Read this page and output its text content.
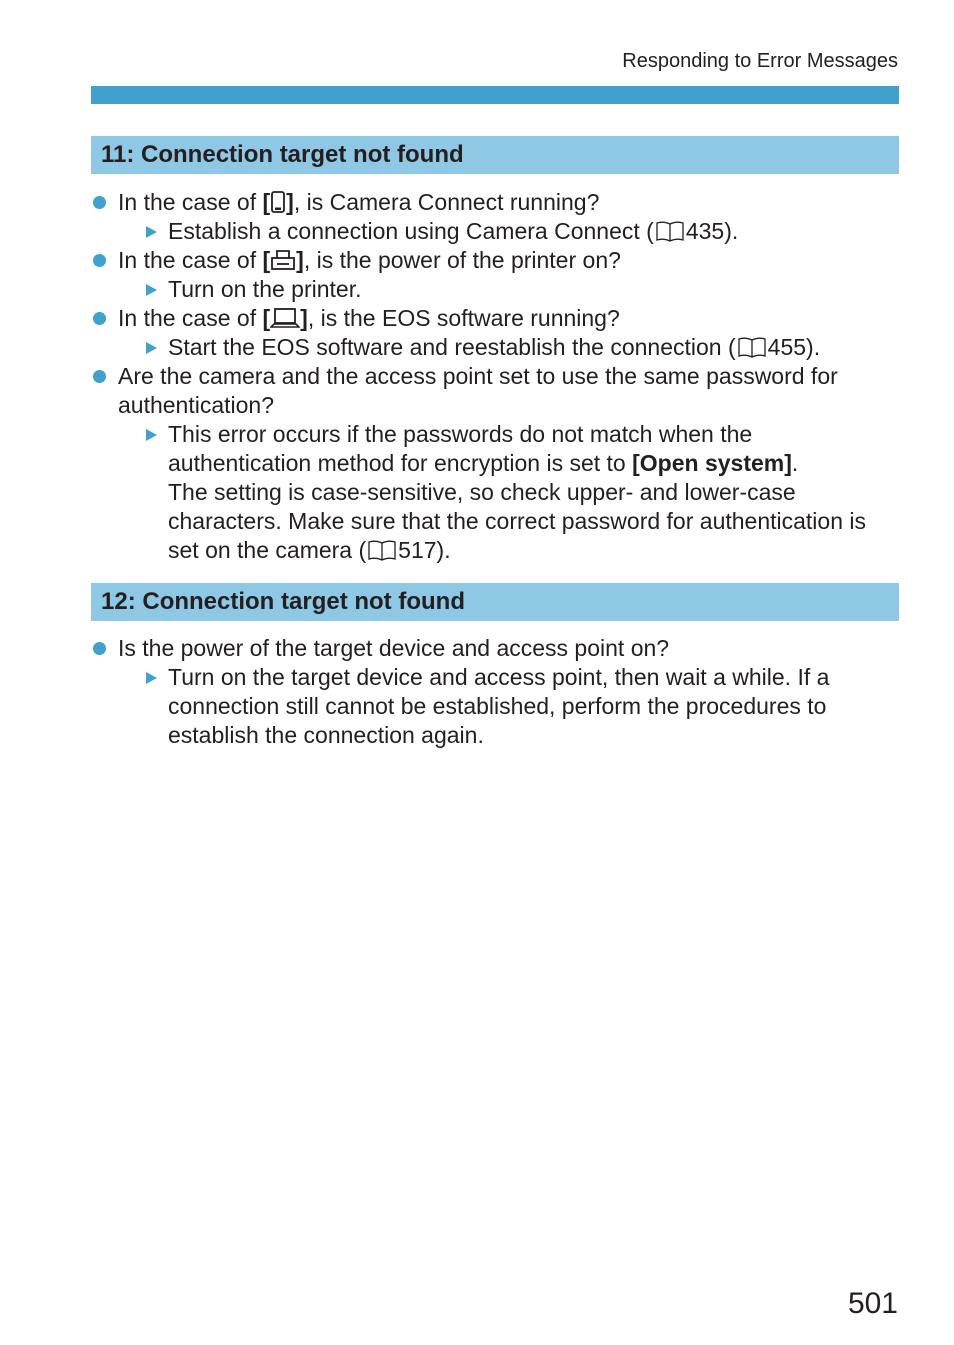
Responding to Error Messages
11: Connection target not found
In the case of [ ], is Camera Connect running?
Establish a connection using Camera Connect ( 435).
In the case of [ ], is the power of the printer on?
Turn on the printer.
In the case of [ ], is the EOS software running?
Start the EOS software and reestablish the connection ( 455).
Are the camera and the access point set to use the same password for authentication?
This error occurs if the passwords do not match when the authentication method for encryption is set to [Open system].
The setting is case-sensitive, so check upper- and lower-case characters. Make sure that the correct password for authentication is set on the camera ( 517).
12: Connection target not found
Is the power of the target device and access point on?
Turn on the target device and access point, then wait a while. If a connection still cannot be established, perform the procedures to establish the connection again.
501
